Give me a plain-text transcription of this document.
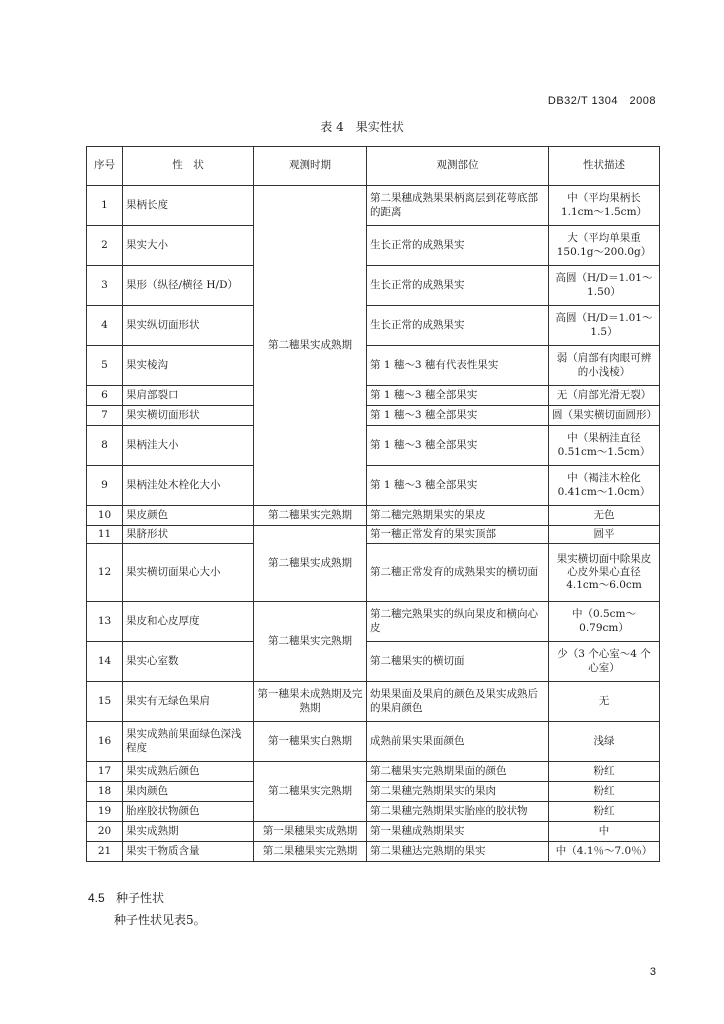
DB32/T 1304　2008
表 4　果实性状
序号	性　状	观测时期	观测部位	性状描述
1	果柄长度	第二穗果实成熟期	第二果穗成熟果果柄离层到花萼底部的距离	中（平均果柄长1.1cm～1.5cm）
2	果实大小		生长正常的成熟果实	大（平均单果重150.1g～200.0g）
3	果形（纵径/横径 H/D）		生长正常的成熟果实	高圆（H/D＝1.01～1.50）
4	果实纵切面形状		生长正常的成熟果实	高圆（H/D＝1.01～1.5）
5	果实棱沟		第 1 穗～3 穗有代表性果实	弱（肩部有肉眼可辨的小浅棱）
6	果肩部裂口		第 1 穗～3 穗全部果实	无（肩部光滑无裂）
7	果实横切面形状		第 1 穗～3 穗全部果实	圆（果实横切面圆形）
8	果柄洼大小		第 1 穗～3 穗全部果实	中（果柄洼直径0.51cm～1.5cm）
9	果柄洼处木栓化大小		第 1 穗～3 穗全部果实	中（褐洼木栓化0.41cm～1.0cm）
10	果皮颜色	第二穗果实完熟期	第二穗完熟期果实的果皮	无色
11	果脐形状	第二穗果实成熟期	第一穗正常发育的果实顶部	圆平
12	果实横切面果心大小		第二穗正常发育的成熟果实的横切面	果实横切面中除果皮心皮外果心直径4.1cm～6.0cm
13	果皮和心皮厚度	第二穗果实完熟期	第二穗完熟果实的纵向果皮和横向心皮	中（0.5cm～0.79cm）
14	果实心室数		第二穗果实的横切面	少（3 个心室～4 个心室）
15	果实有无绿色果肩	第一穗果未成熟期及完熟期	幼果果面及果肩的颜色及果实成熟后的果肩颜色	无
16	果实成熟前果面绿色深浅程度	第一穗果实白熟期	成熟前果实果面颜色	浅绿
17	果实成熟后颜色	第二穗果实完熟期	第二穗果实完熟期果面的颜色	粉红
18	果肉颜色		第二果穗完熟期果实的果肉	粉红
19	胎座胶状物颜色		第二果穗完熟期果实胎座的胶状物	粉红
20	果实成熟期	第一果穗果实成熟期	第一果穗成熟期果实	中
21	果实干物质含量	第二果穗果实完熟期	第二果穗达完熟期的果实	中（4.1％～7.0％）
4.5 种子性状
种子性状见表5。
3
